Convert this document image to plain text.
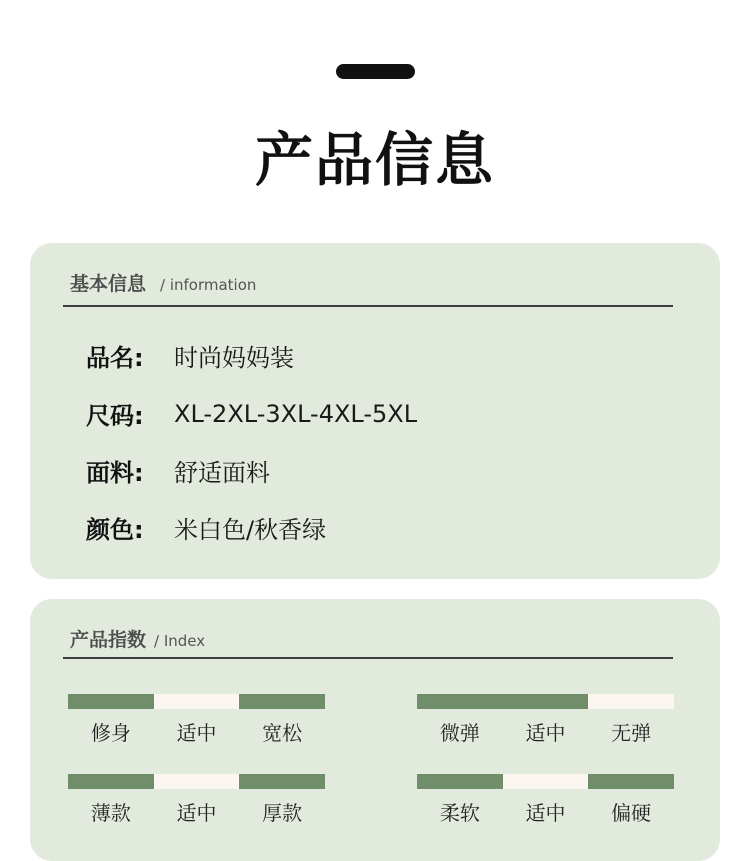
产品信息
基本信息 / information
品名:	时尚妈妈装
尺码:	XL-2XL-3XL-4XL-5XL
面料:	舒适面料
颜色:	米白色/秋香绿
产品指数 / Index
修身	适中	宽松	微弹	适中	无弹
薄款	适中	厚款	柔软	适中	偏硬
